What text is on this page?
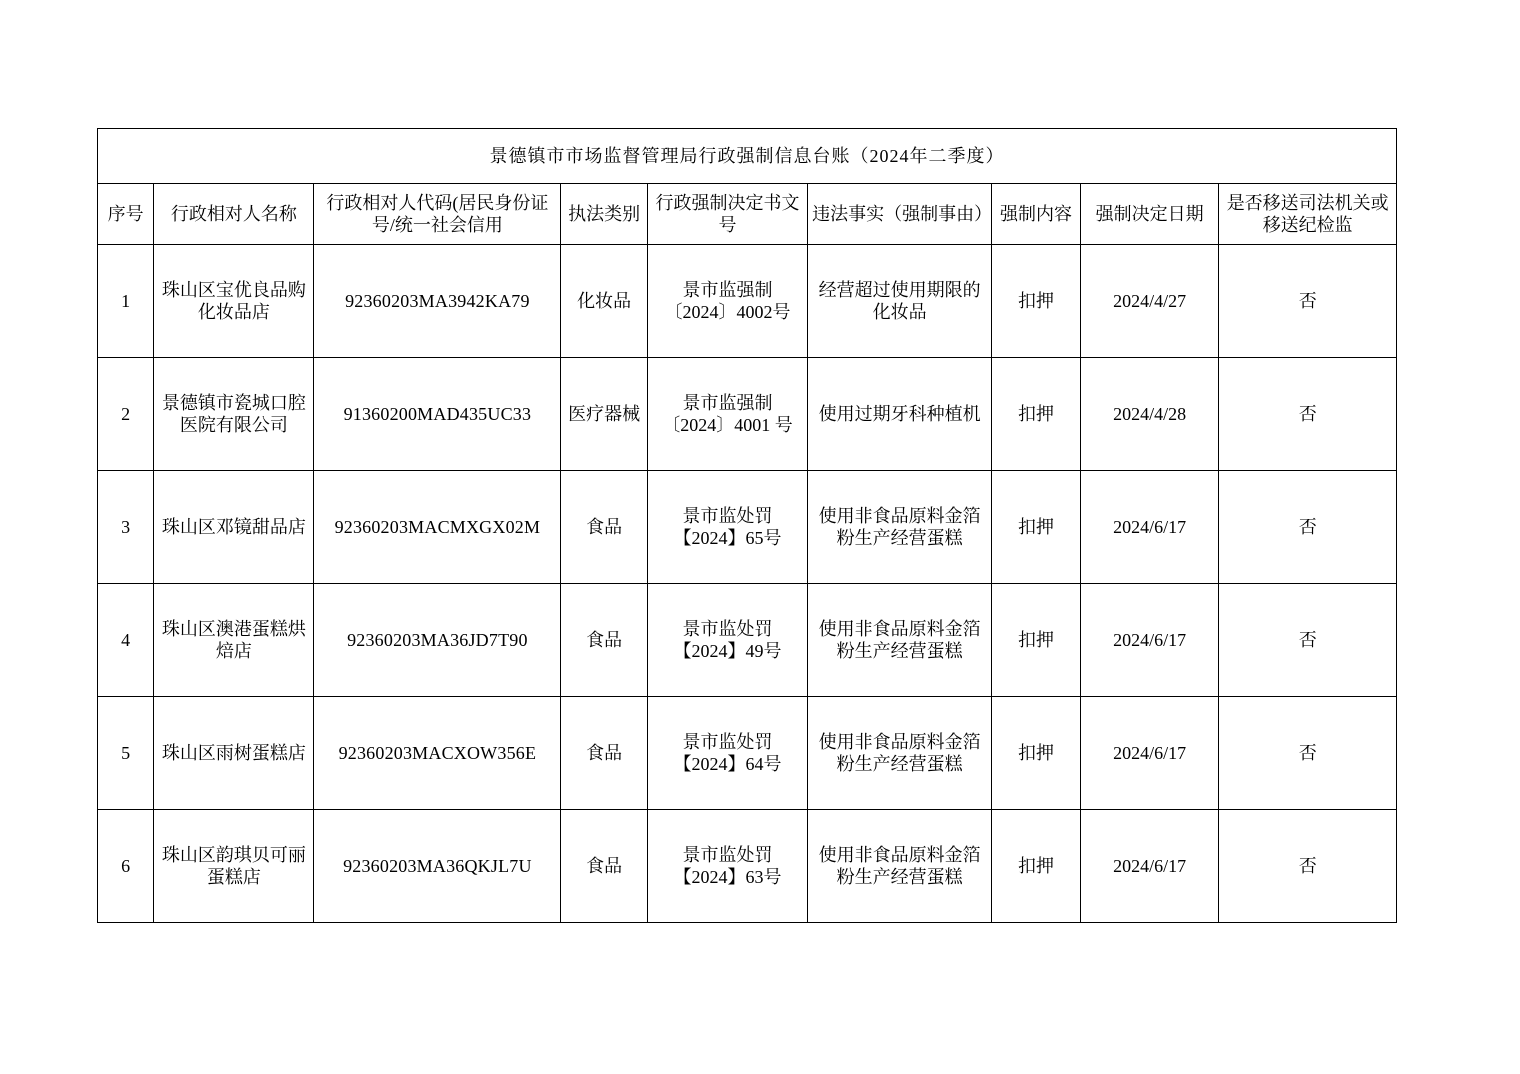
景德镇市市场监督管理局行政强制信息台账（2024年二季度）								
序号	行政相对人名称	行政相对人代码(居民身份证号/统一社会信用	执法类别	行政强制决定书文号	违法事实（强制事由）	强制内容	强制决定日期	是否移送司法机关或移送纪检监
1	珠山区宝优良品购化妆品店	92360203MA3942KA79	化妆品	景市监强制〔2024〕4002号	经营超过使用期限的化妆品	扣押	2024/4/27	否
2	景德镇市瓷城口腔医院有限公司	91360200MAD435UC33	医疗器械	景市监强制〔2024〕4001 号	使用过期牙科种植机	扣押	2024/4/28	否
3	珠山区邓镜甜品店	92360203MACMXGX02M	食品	景市监处罚【2024】65号	使用非食品原料金箔粉生产经营蛋糕	扣押	2024/6/17	否
4	珠山区澳港蛋糕烘焙店	92360203MA36JD7T90	食品	景市监处罚【2024】49号	使用非食品原料金箔粉生产经营蛋糕	扣押	2024/6/17	否
5	珠山区雨树蛋糕店	92360203MACXOW356E	食品	景市监处罚【2024】64号	使用非食品原料金箔粉生产经营蛋糕	扣押	2024/6/17	否
6	珠山区韵琪贝可丽蛋糕店	92360203MA36QKJL7U	食品	景市监处罚【2024】63号	使用非食品原料金箔粉生产经营蛋糕	扣押	2024/6/17	否
